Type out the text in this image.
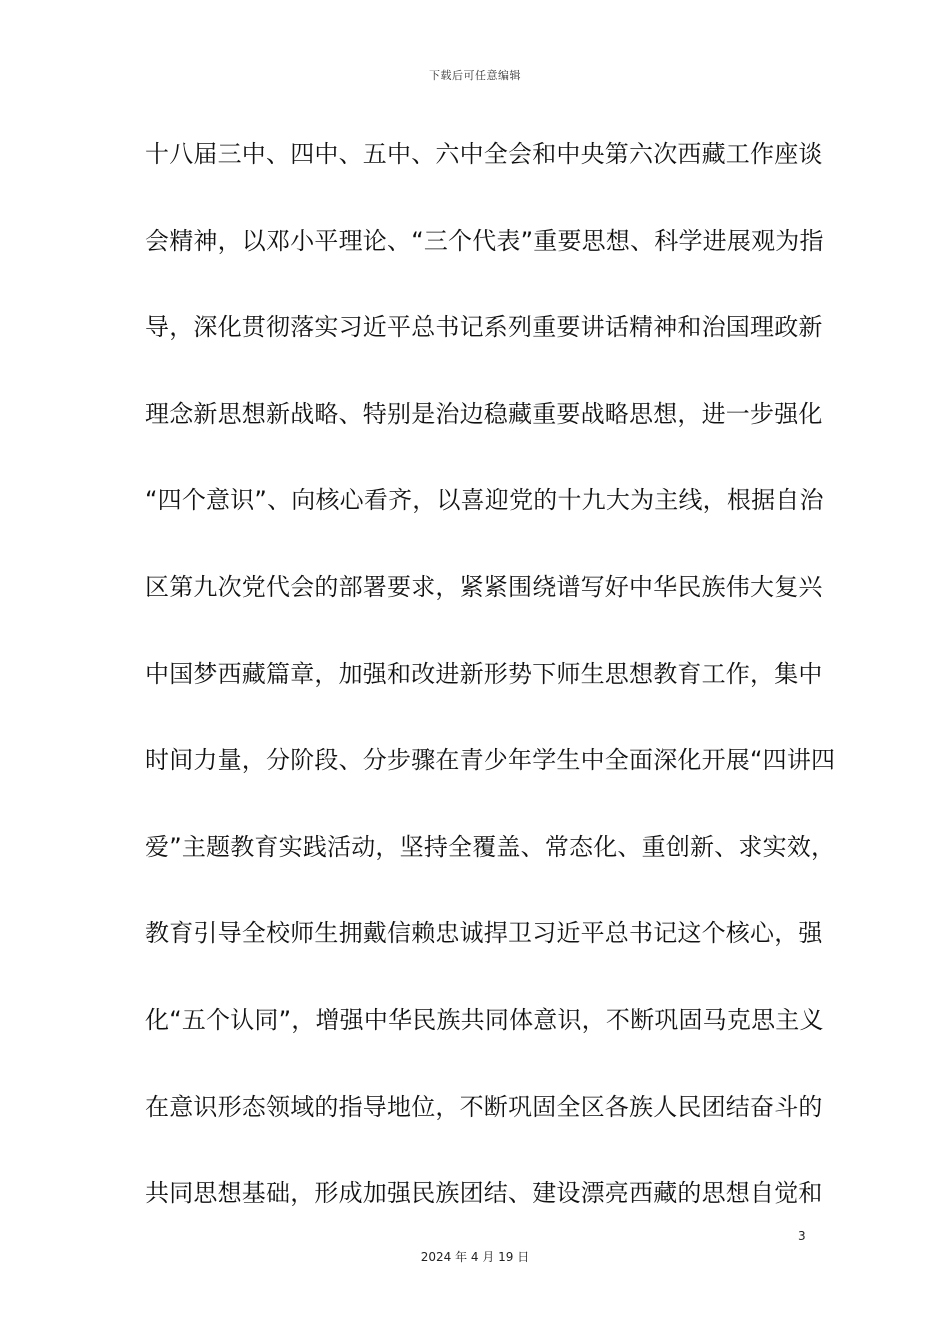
下载后可任意编辑
十八届三中、四中、五中、六中全会和中央第六次西藏工作座谈
会精神，以邓小平理论、“三个代表”重要思想、科学进展观为指
导，深化贯彻落实习近平总书记系列重要讲话精神和治国理政新
理念新思想新战略、特别是治边稳藏重要战略思想，进一步强化
“四个意识”、向核心看齐，以喜迎党的十九大为主线，根据自治
区第九次党代会的部署要求，紧紧围绕谱写好中华民族伟大复兴
中国梦西藏篇章，加强和改进新形势下师生思想教育工作，集中
时间力量，分阶段、分步骤在青少年学生中全面深化开展“四讲四
爱”主题教育实践活动，坚持全覆盖、常态化、重创新、求实效，
教育引导全校师生拥戴信赖忠诚捍卫习近平总书记这个核心，强
化“五个认同”，增强中华民族共同体意识，不断巩固马克思主义
在意识形态领域的指导地位，不断巩固全区各族人民团结奋斗的
共同思想基础，形成加强民族团结、建设漂亮西藏的思想自觉和
3
2024 年 4 月 19 日
